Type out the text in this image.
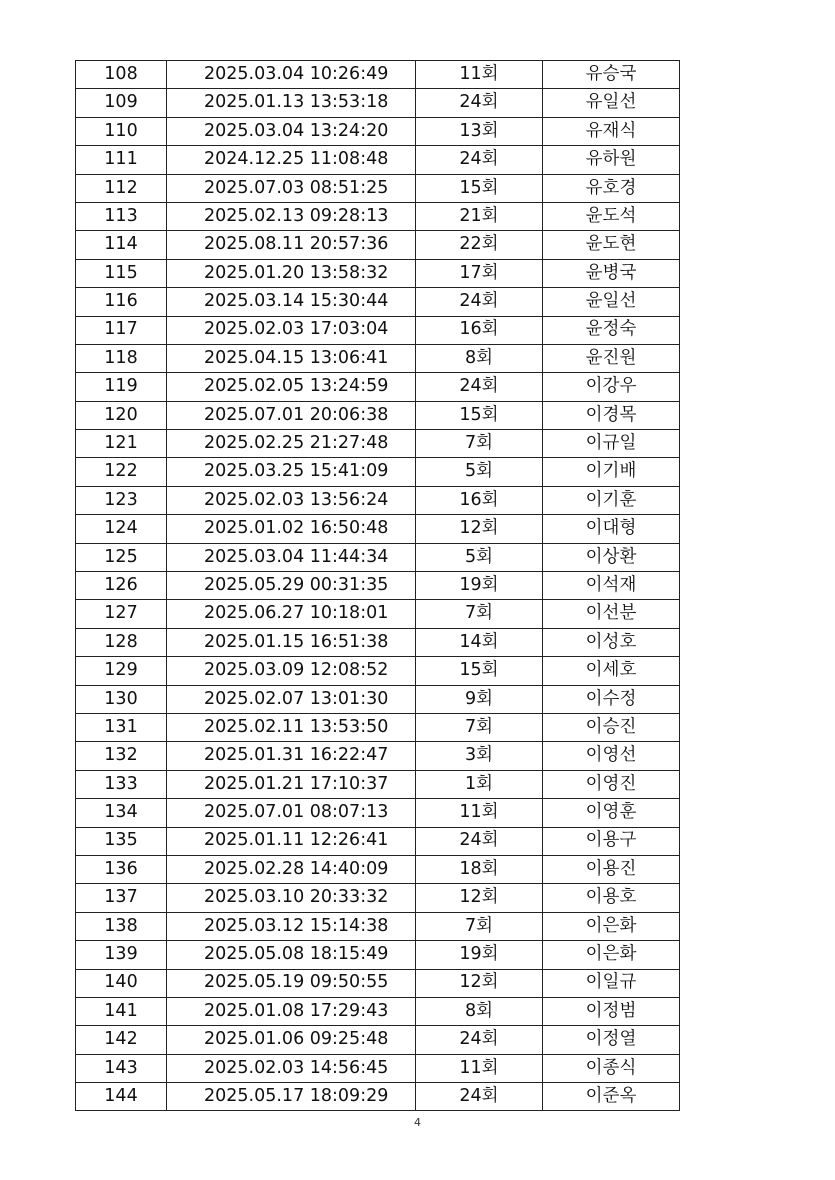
108	2025.03.04 10:26:49	11회	유승국
109	2025.01.13 13:53:18	24회	유일선
110	2025.03.04 13:24:20	13회	유재식
111	2024.12.25 11:08:48	24회	유하원
112	2025.07.03 08:51:25	15회	유호경
113	2025.02.13 09:28:13	21회	윤도석
114	2025.08.11 20:57:36	22회	윤도현
115	2025.01.20 13:58:32	17회	윤병국
116	2025.03.14 15:30:44	24회	윤일선
117	2025.02.03 17:03:04	16회	윤정숙
118	2025.04.15 13:06:41	8회	윤진원
119	2025.02.05 13:24:59	24회	이강우
120	2025.07.01 20:06:38	15회	이경목
121	2025.02.25 21:27:48	7회	이규일
122	2025.03.25 15:41:09	5회	이기배
123	2025.02.03 13:56:24	16회	이기훈
124	2025.01.02 16:50:48	12회	이대형
125	2025.03.04 11:44:34	5회	이상환
126	2025.05.29 00:31:35	19회	이석재
127	2025.06.27 10:18:01	7회	이선분
128	2025.01.15 16:51:38	14회	이성호
129	2025.03.09 12:08:52	15회	이세호
130	2025.02.07 13:01:30	9회	이수정
131	2025.02.11 13:53:50	7회	이승진
132	2025.01.31 16:22:47	3회	이영선
133	2025.01.21 17:10:37	1회	이영진
134	2025.07.01 08:07:13	11회	이영훈
135	2025.01.11 12:26:41	24회	이용구
136	2025.02.28 14:40:09	18회	이용진
137	2025.03.10 20:33:32	12회	이용호
138	2025.03.12 15:14:38	7회	이은화
139	2025.05.08 18:15:49	19회	이은화
140	2025.05.19 09:50:55	12회	이일규
141	2025.01.08 17:29:43	8회	이정범
142	2025.01.06 09:25:48	24회	이정열
143	2025.02.03 14:56:45	11회	이종식
144	2025.05.17 18:09:29	24회	이준옥
4
